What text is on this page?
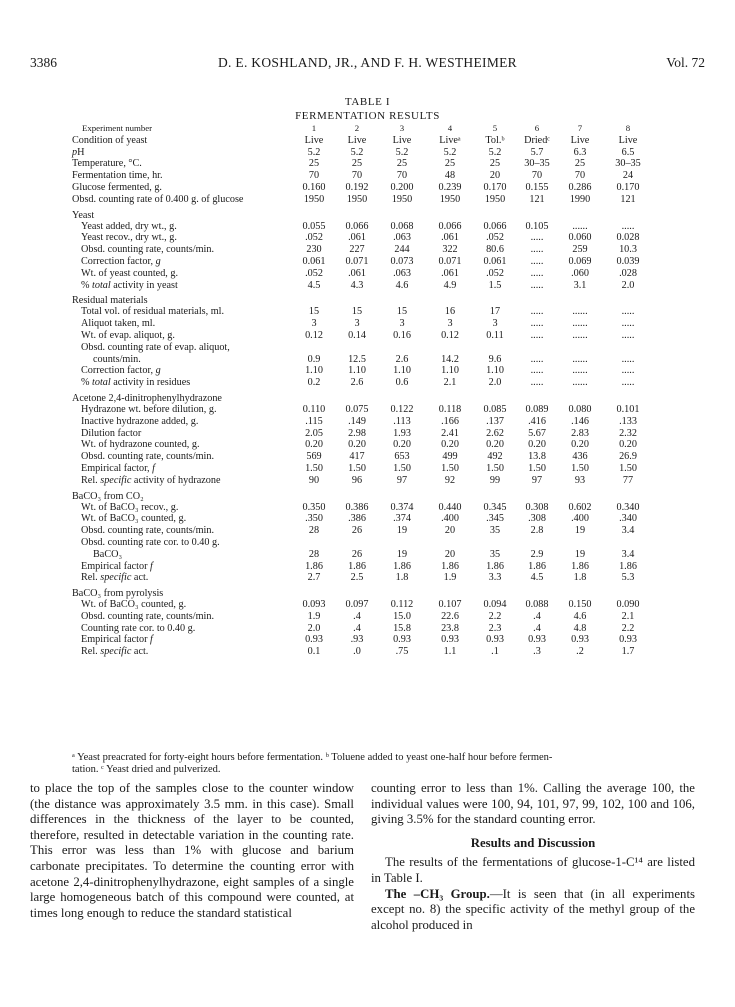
3386	D. E. KOSHLAND, JR., AND F. H. WESTHEIMER	Vol. 72
TABLE I
FERMENTATION RESULTS
Experiment number	1	2	3	4	5	6	7	8
Condition of yeast	Live	Live	Live	Liveᵃ	Tol.ᵇ	Driedᶜ	Live	Live
pH	5.2	5.2	5.2	5.2	5.2	5.7	6.3	6.5
Temperature, °C.	25	25	25	25	25	30–35	25	30–35
Fermentation time, hr.	70	70	70	48	20	70	70	24
Glucose fermented, g.	0.160	0.192	0.200	0.239	0.170	0.155	0.286	0.170
Obsd. counting rate of 0.400 g. of glucose	1950	1950	1950	1950	1950	121	1990	121
Yeast
Yeast added, dry wt., g.	0.055	0.066	0.068	0.066	0.066	0.105	......	.....
Yeast recov., dry wt., g.	.052	.061	.063	.061	.052	.....	0.060	0.028
Obsd. counting rate, counts/min.	230	227	244	322	80.6	.....	259	10.3
Correction factor, g	0.061	0.071	0.073	0.071	0.061	.....	0.069	0.039
Wt. of yeast counted, g.	.052	.061	.063	.061	.052	.....	.060	.028
% total activity in yeast	4.5	4.3	4.6	4.9	1.5	.....	3.1	2.0
Residual materials
Total vol. of residual materials, ml.	15	15	15	16	17	.....	......	.....
Aliquot taken, ml.	3	3	3	3	3	.....	......	.....
Wt. of evap. aliquot, g.	0.12	0.14	0.16	0.12	0.11	.....	......	.....
Obsd. counting rate of evap. aliquot,
counts/min.	0.9	12.5	2.6	14.2	9.6	.....	......	.....
Correction factor, g	1.10	1.10	1.10	1.10	1.10	.....	......	.....
% total activity in residues	0.2	2.6	0.6	2.1	2.0	.....	......	.....
Acetone 2,4-dinitrophenylhydrazone
Hydrazone wt. before dilution, g.	0.110	0.075	0.122	0.118	0.085	0.089	0.080	0.101
Inactive hydrazone added, g.	.115	.149	.113	.166	.137	.416	.146	.133
Dilution factor	2.05	2.98	1.93	2.41	2.62	5.67	2.83	2.32
Wt. of hydrazone counted, g.	0.20	0.20	0.20	0.20	0.20	0.20	0.20	0.20
Obsd. counting rate, counts/min.	569	417	653	499	492	13.8	436	26.9
Empirical factor, f	1.50	1.50	1.50	1.50	1.50	1.50	1.50	1.50
Rel. specific activity of hydrazone	90	96	97	92	99	97	93	77
BaCO₃ from CO₂
Wt. of BaCO₃ recov., g.	0.350	0.386	0.374	0.440	0.345	0.308	0.602	0.340
Wt. of BaCO₃ counted, g.	.350	.386	.374	.400	.345	.308	.400	.340
Obsd. counting rate, counts/min.	28	26	19	20	35	2.8	19	3.4
Obsd. counting rate cor. to 0.40 g.
BaCO₃	28	26	19	20	35	2.9	19	3.4
Empirical factor f	1.86	1.86	1.86	1.86	1.86	1.86	1.86	1.86
Rel. specific act.	2.7	2.5	1.8	1.9	3.3	4.5	1.8	5.3
BaCO₃ from pyrolysis
Wt. of BaCO₃ counted, g.	0.093	0.097	0.112	0.107	0.094	0.088	0.150	0.090
Obsd. counting rate, counts/min.	1.9	.4	15.0	22.6	2.2	.4	4.6	2.1
Counting rate cor. to 0.40 g.	2.0	.4	15.8	23.8	2.3	.4	4.8	2.2
Empirical factor f	0.93	.93	0.93	0.93	0.93	0.93	0.93	0.93
Rel. specific act.	0.1	.0	.75	1.1	.1	.3	.2	1.7
ᵃ Yeast preacrated for forty-eight hours before fermentation. ᵇ Toluene added to yeast one-half hour before fermen-
tation. ᶜ Yeast dried and pulverized.
to place the top of the samples close to the counter window (the distance was approximately 3.5 mm. in this case). Small differences in the thickness of the layer to be counted, therefore, resulted in detectable variation in the counting rate. This error was less than 1% with glucose and barium carbonate precipitates. To determine the counting error with acetone 2,4-dinitrophenylhydrazone, eight samples of a single large homogeneous batch of this compound were counted, at times long enough to reduce the standard statistical
counting error to less than 1%. Calling the average 100, the individual values were 100, 94, 101, 97, 99, 102, 100 and 106, giving 3.5% for the standard counting error.
Results and Discussion
The results of the fermentations of glucose-1-C¹⁴ are listed in Table I.
The –CH₃ Group.—It is seen that (in all experiments except no. 8) the specific activity of the methyl group of the alcohol produced in
